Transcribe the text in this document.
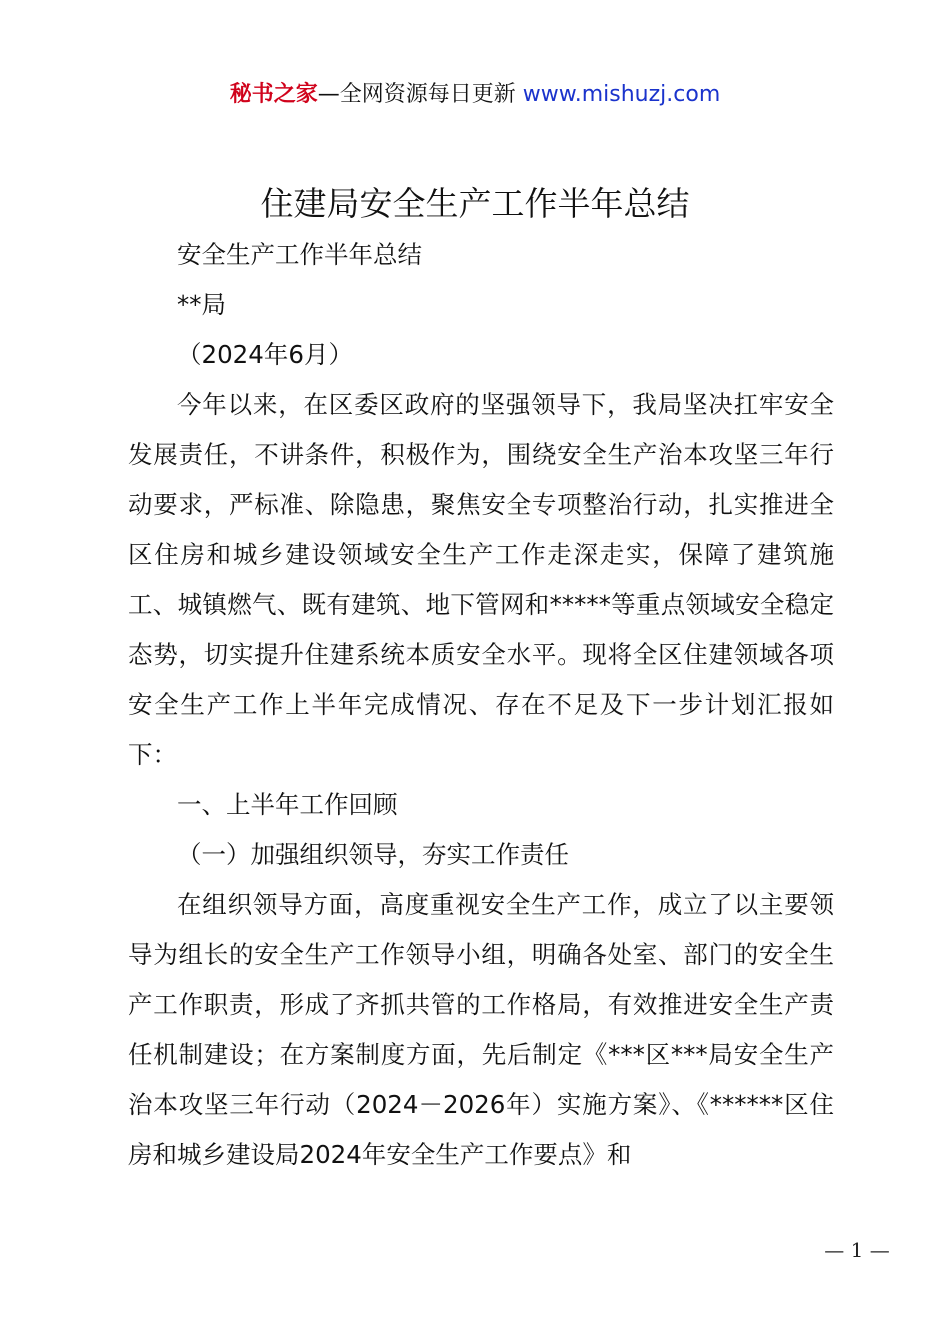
秘书之家—全网资源每日更新 www.mishuzj.com
住建局安全生产工作半年总结

安全生产工作半年总结

**局

（2024年6月）

今年以来，在区委区政府的坚强领导下，我局坚决扛牢安全发展责任，不讲条件，积极作为，围绕安全生产治本攻坚三年行动要求，严标准、除隐患，聚焦安全专项整治行动，扎实推进全区住房和城乡建设领域安全生产工作走深走实，保障了建筑施工、城镇燃气、既有建筑、地下管网和*****等重点领域安全稳定态势，切实提升住建系统本质安全水平。现将全区住建领域各项安全生产工作上半年完成情况、存在不足及下一步计划汇报如下：

一、上半年工作回顾

（一）加强组织领导，夯实工作责任

在组织领导方面，高度重视安全生产工作，成立了以主要领导为组长的安全生产工作领导小组，明确各处室、部门的安全生产工作职责，形成了齐抓共管的工作格局，有效推进安全生产责任机制建设；在方案制度方面，先后制定《***区***局安全生产治本攻坚三年行动（2024－2026年）实施方案》、《******区住房和城乡建设局2024年安全生产工作要点》和

— 1 —
